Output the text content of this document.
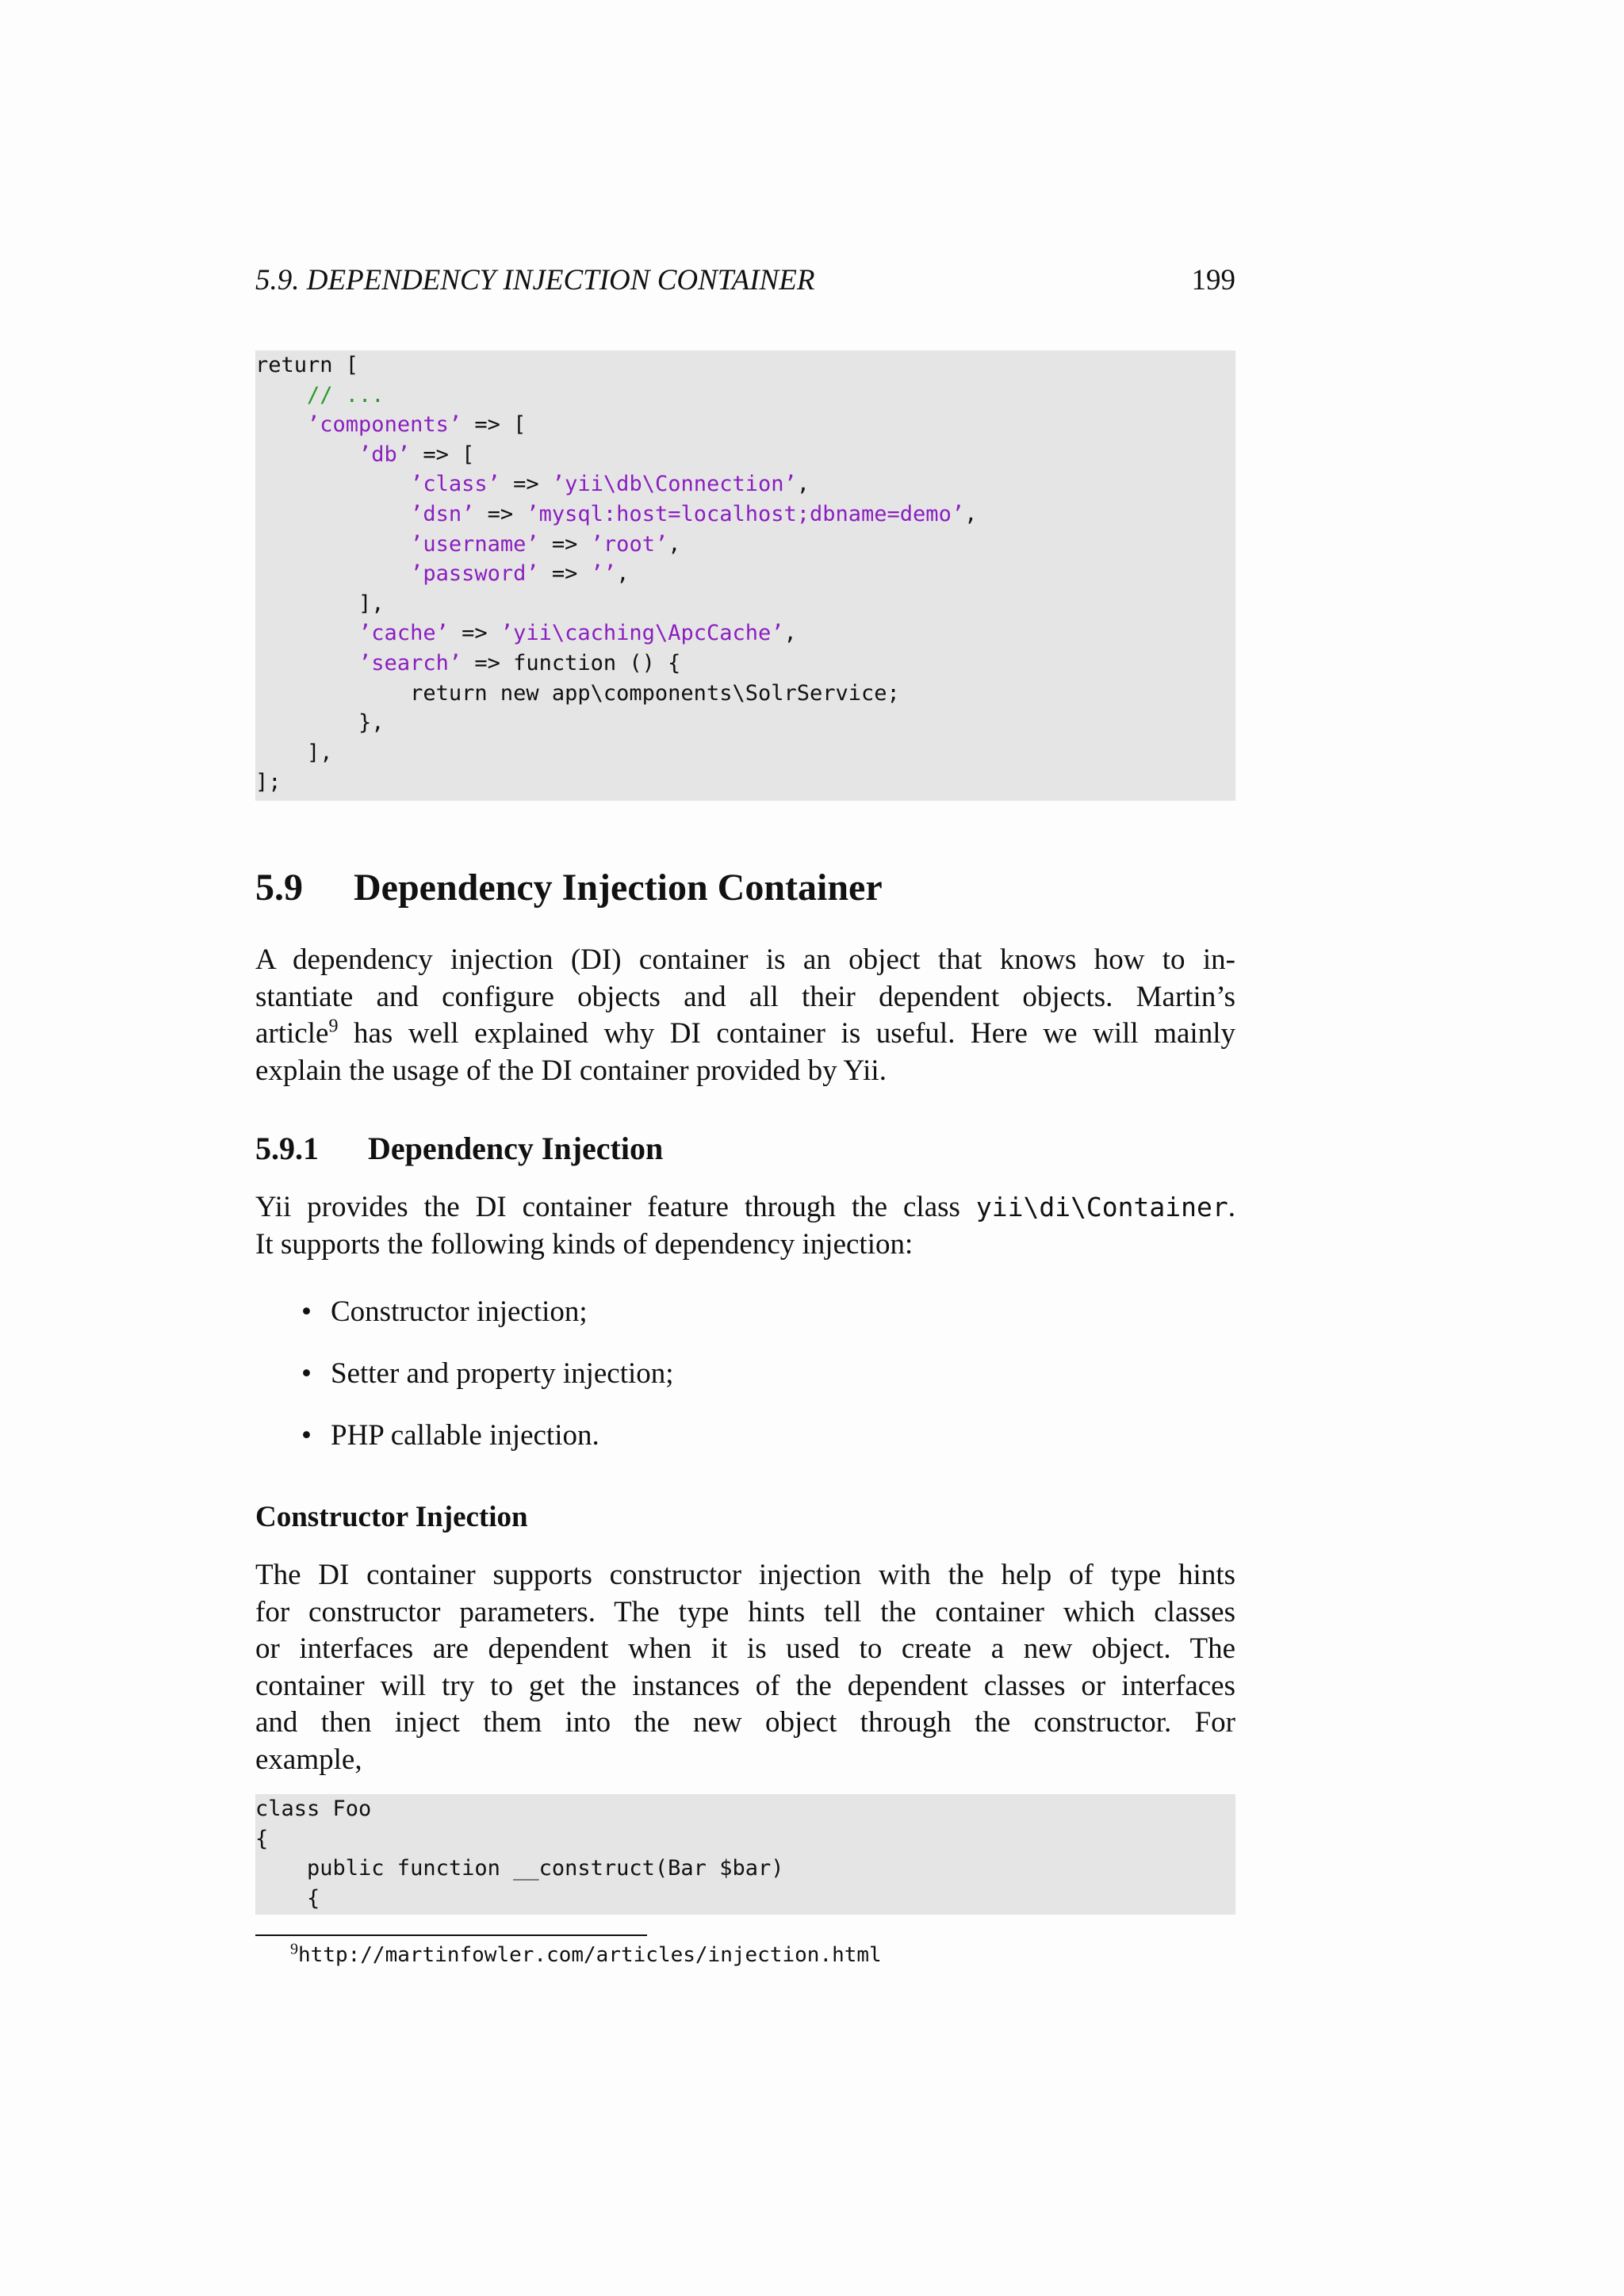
5.9. DEPENDENCY INJECTION CONTAINER	199
return [
// ...
’components’ => [
’db’ => [
’class’ => ’yii\db\Connection’,
’dsn’ => ’mysql:host=localhost;dbname=demo’,
’username’ => ’root’,
’password’ => ’’,
],
’cache’ => ’yii\caching\ApcCache’,
’search’ => function () {
return new app\components\SolrService;
},
],
];
5.9 Dependency Injection Container
A dependency injection (DI) container is an object that knows how to in-
stantiate and configure objects and all their dependent objects. Martin’s
article$^9$ has well explained why DI container is useful. Here we will mainly
explain the usage of the DI container provided by Yii.
5.9.1 Dependency Injection
Yii provides the DI container feature through the class yii\di\Container.
It supports the following kinds of dependency injection:
• Constructor injection;
• Setter and property injection;
• PHP callable injection.
Constructor Injection
The DI container supports constructor injection with the help of type hints
for constructor parameters. The type hints tell the container which classes
or interfaces are dependent when it is used to create a new object. The
container will try to get the instances of the dependent classes or interfaces
and then inject them into the new object through the constructor. For
example,
class Foo
{
public function __construct(Bar $bar)
{
$^9$http://martinfowler.com/articles/injection.html
